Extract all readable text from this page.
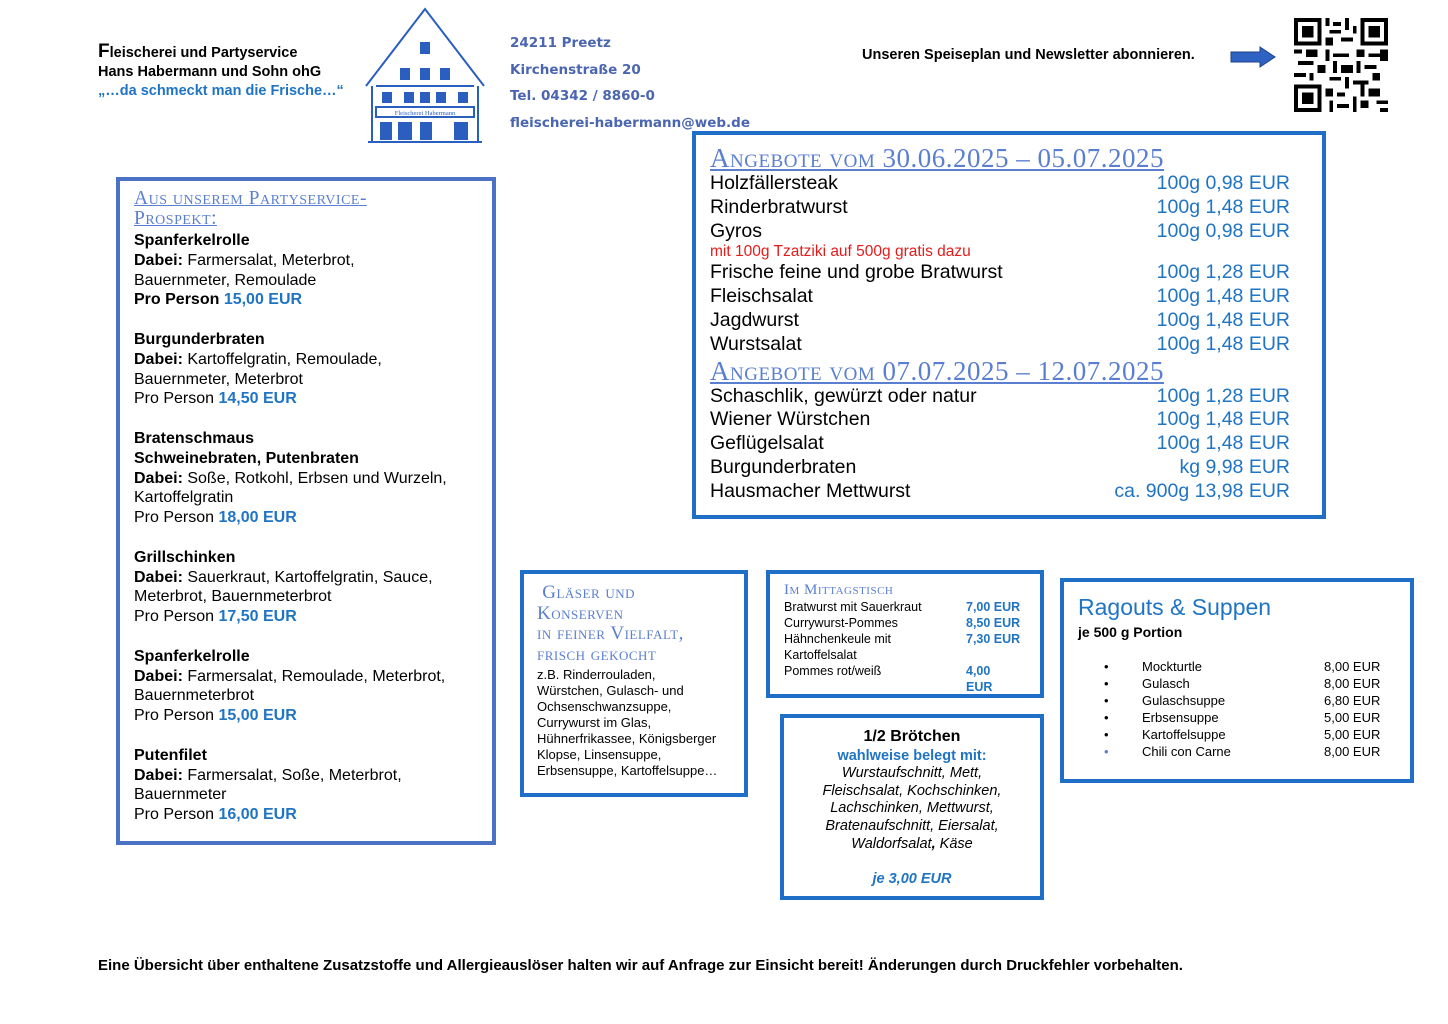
Fleischerei und Partyservice
Hans Habermann und Sohn ohG
„…da schmeckt man die Frische…“
Fleischerei Habermann
24211 Preetz
Kirchenstraße 20
Tel. 04342 / 8860-0
fleischerei-habermann@web.de
Unseren Speiseplan und Newsletter abonnieren.
Aus unserem Partyservice-
Prospekt:
Spanferkelrolle
Dabei: Farmersalat, Meterbrot,
Bauernmeter, Remoulade
Pro Person 15,00 EUR
Burgunderbraten
Dabei: Kartoffelgratin, Remoulade,
Bauernmeter, Meterbrot
Pro Person 14,50 EUR
Bratenschmaus
Schweinebraten, Putenbraten
Dabei: Soße, Rotkohl, Erbsen und Wurzeln,
Kartoffelgratin
Pro Person 18,00 EUR
Grillschinken
Dabei: Sauerkraut, Kartoffelgratin, Sauce,
Meterbrot, Bauernmeterbrot
Pro Person 17,50 EUR
Spanferkelrolle
Dabei: Farmersalat, Remoulade, Meterbrot,
Bauernmeterbrot
Pro Person 15,00 EUR
Putenfilet
Dabei: Farmersalat, Soße, Meterbrot,
Bauernmeter
Pro Person 16,00 EUR
Angebote vom 30.06.2025 – 05.07.2025
Holzfällersteak	100g 0,98 EUR
Rinderbratwurst	100g 1,48 EUR
Gyros	100g 0,98 EUR
mit 100g Tzatziki auf 500g gratis dazu
Frische feine und grobe Bratwurst	100g 1,28 EUR
Fleischsalat	100g 1,48 EUR
Jagdwurst	100g 1,48 EUR
Wurstsalat	100g 1,48 EUR
Angebote vom 07.07.2025 – 12.07.2025
Schaschlik, gewürzt oder natur	100g 1,28 EUR
Wiener Würstchen	100g 1,48 EUR
Geflügelsalat	100g 1,48 EUR
Burgunderbraten	kg 9,98 EUR
Hausmacher Mettwurst	ca. 900g 13,98 EUR
Gläser und
Konserven
in feiner Vielfalt,
frisch gekocht
z.B. Rinderrouladen,
Würstchen, Gulasch- und
Ochsenschwanzsuppe,
Currywurst im Glas,
Hühnerfrikassee, Königsberger
Klopse, Linsensuppe,
Erbsensuppe, Kartoffelsuppe…
Im Mittagstisch
Bratwurst mit Sauerkraut	7,00 EUR
Currywurst-Pommes	8,50 EUR
Hähnchenkeule mit	7,30 EUR
Kartoffelsalat
Pommes rot/weiß	4,00
EUR
1/2 Brötchen
wahlweise belegt mit:
Wurstaufschnitt, Mett,
Fleischsalat, Kochschinken,
Lachschinken, Mettwurst,
Bratenaufschnitt, Eiersalat,
Waldorfsalat, Käse
je 3,00 EUR
Ragouts & Suppen
je 500 g Portion
•	Mockturtle	8,00 EUR
•	Gulasch	8,00 EUR
•	Gulaschsuppe	6,80 EUR
•	Erbsensuppe	5,00 EUR
•	Kartoffelsuppe	5,00 EUR
•	Chili con Carne	8,00 EUR
Eine Übersicht über enthaltene Zusatzstoffe und Allergieauslöser halten wir auf Anfrage zur Einsicht bereit! Änderungen durch Druckfehler vorbehalten.
